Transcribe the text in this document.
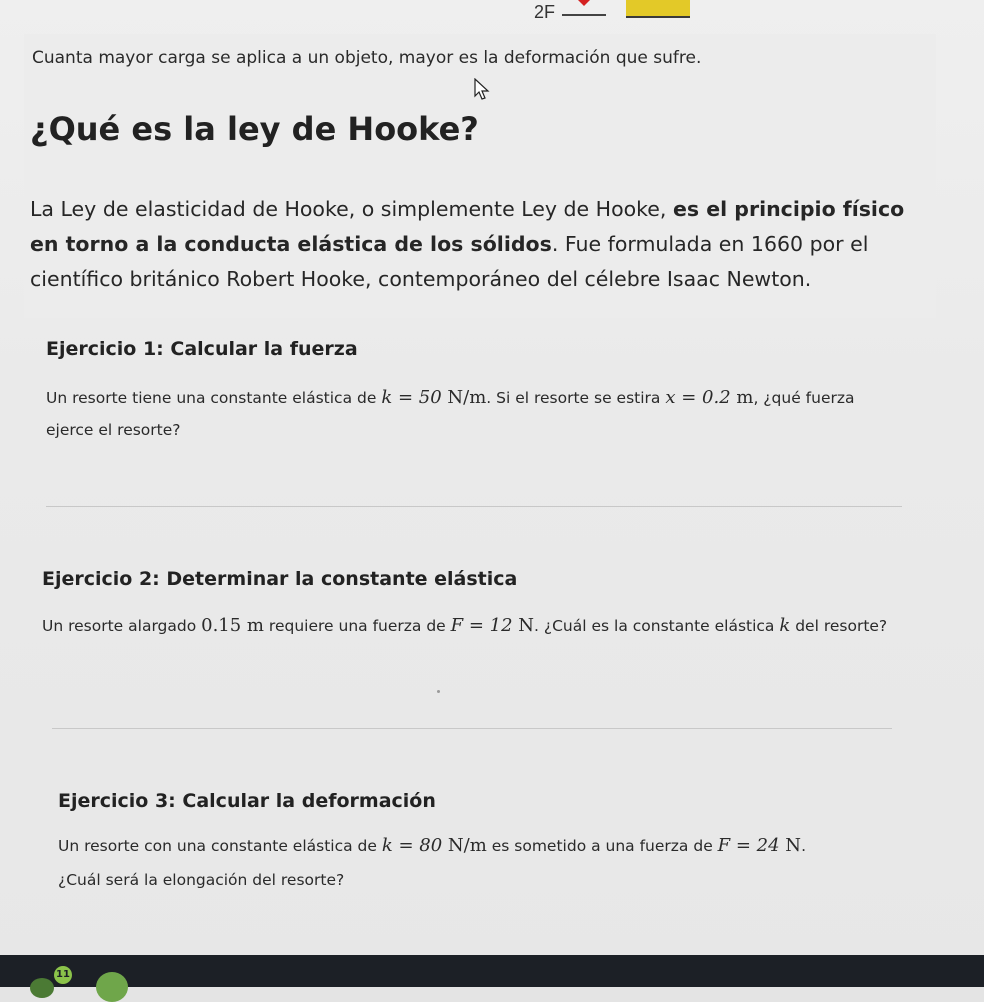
2F
Cuanta mayor carga se aplica a un objeto, mayor es la deformación que sufre.
¿Qué es la ley de Hooke?

La Ley de elasticidad de Hooke, o simplemente Ley de Hooke, es el principio físico en torno a la conducta elástica de los sólidos. Fue formulada en 1660 por el científico británico Robert Hooke, contemporáneo del célebre Isaac Newton.

Ejercicio 1: Calcular la fuerza
Un resorte tiene una constante elástica de k = 50 N/m. Si el resorte se estira x = 0.2 m, ¿qué fuerza ejerce el resorte?
Ejercicio 2: Determinar la constante elástica
Un resorte alargado 0.15 m requiere una fuerza de F = 12 N. ¿Cuál es la constante elástica k del resorte?
Ejercicio 3: Calcular la deformación
Un resorte con una constante elástica de k = 80 N/m es sometido a una fuerza de F = 24 N.
¿Cuál será la elongación del resorte?
11
